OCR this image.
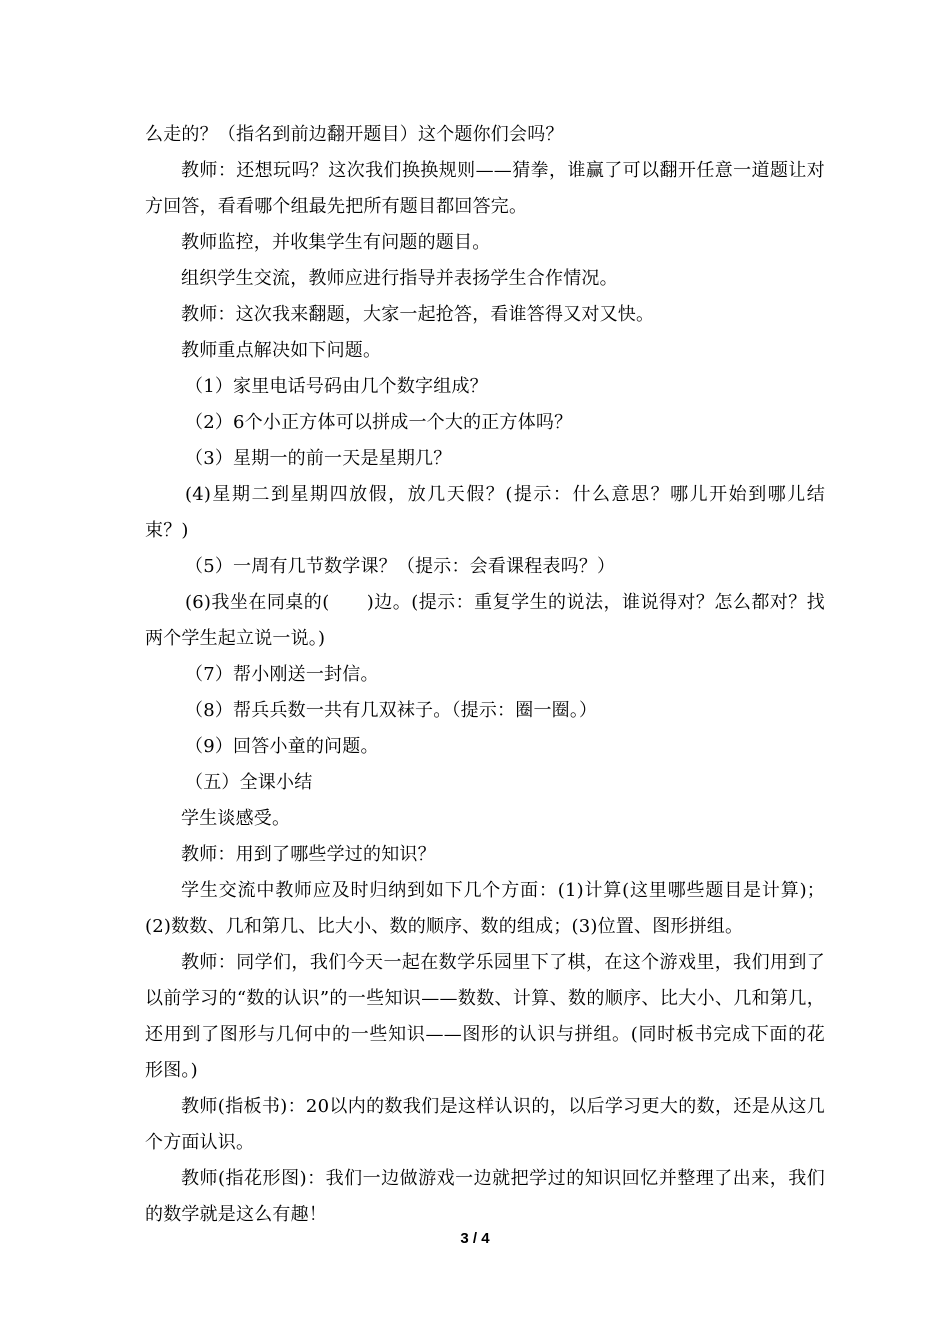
么走的？（指名到前边翻开题目）这个题你们会吗？

教师：还想玩吗？这次我们换换规则——猜拳，谁赢了可以翻开任意一道题让对方回答，看看哪个组最先把所有题目都回答完。

教师监控，并收集学生有问题的题目。

组织学生交流，教师应进行指导并表扬学生合作情况。

教师：这次我来翻题，大家一起抢答，看谁答得又对又快。

教师重点解决如下问题。

（1）家里电话号码由几个数字组成？

（2）6个小正方体可以拼成一个大的正方体吗？

（3）星期一的前一天是星期几？

(4)星期二到星期四放假，放几天假？(提示：什么意思？哪儿开始到哪儿结束？)

（5）一周有几节数学课？（提示：会看课程表吗？）

(6)我坐在同桌的(　　)边。(提示：重复学生的说法，谁说得对？怎么都对？找两个学生起立说一说。)

（7）帮小刚送一封信。

（8）帮兵兵数一共有几双袜子。（提示：圈一圈。）

（9）回答小童的问题。

（五）全课小结

学生谈感受。

教师：用到了哪些学过的知识？

学生交流中教师应及时归纳到如下几个方面：(1)计算(这里哪些题目是计算)；(2)数数、几和第几、比大小、数的顺序、数的组成；(3)位置、图形拼组。

教师：同学们，我们今天一起在数学乐园里下了棋，在这个游戏里，我们用到了以前学习的“数的认识”的一些知识——数数、计算、数的顺序、比大小、几和第几，还用到了图形与几何中的一些知识——图形的认识与拼组。(同时板书完成下面的花形图。)

教师(指板书)：20以内的数我们是这样认识的，以后学习更大的数，还是从这几个方面认识。

教师(指花形图)：我们一边做游戏一边就把学过的知识回忆并整理了出来，我们的数学就是这么有趣！

3 / 4
